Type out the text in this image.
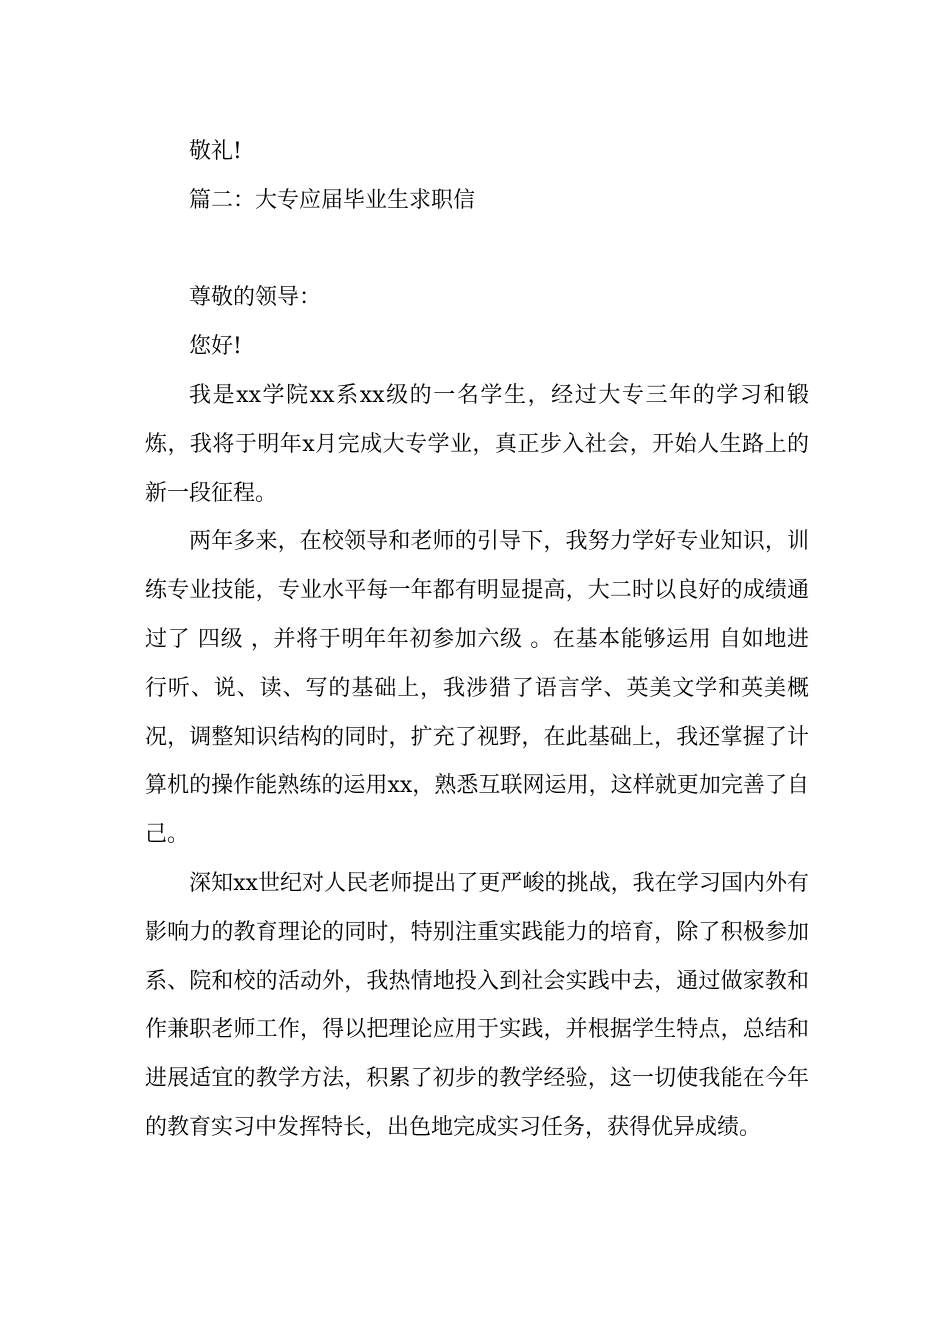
敬礼!

篇二：大专应届毕业生求职信

尊敬的领导：

您好!

我是xx学院xx系xx级的一名学生，经过大专三年的学习和锻炼，我将于明年x月完成大专学业，真正步入社会，开始人生路上的新一段征程。

两年多来，在校领导和老师的引导下，我努力学好专业知识，训练专业技能，专业水平每一年都有明显提高，大二时以良好的成绩通过了 四级 ，并将于明年年初参加六级 。在基本能够运用 自如地进行听、说、读、写的基础上，我涉猎了语言学、英美文学和英美概况，调整知识结构的同时，扩充了视野，在此基础上，我还掌握了计算机的操作能熟练的运用xx，熟悉互联网运用，这样就更加完善了自己。

深知xx世纪对人民老师提出了更严峻的挑战，我在学习国内外有影响力的教育理论的同时，特别注重实践能力的培育，除了积极参加系、院和校的活动外，我热情地投入到社会实践中去，通过做家教和作兼职老师工作，得以把理论应用于实践，并根据学生特点，总结和进展适宜的教学方法，积累了初步的教学经验，这一切使我能在今年的教育实习中发挥特长，出色地完成实习任务，获得优异成绩。
